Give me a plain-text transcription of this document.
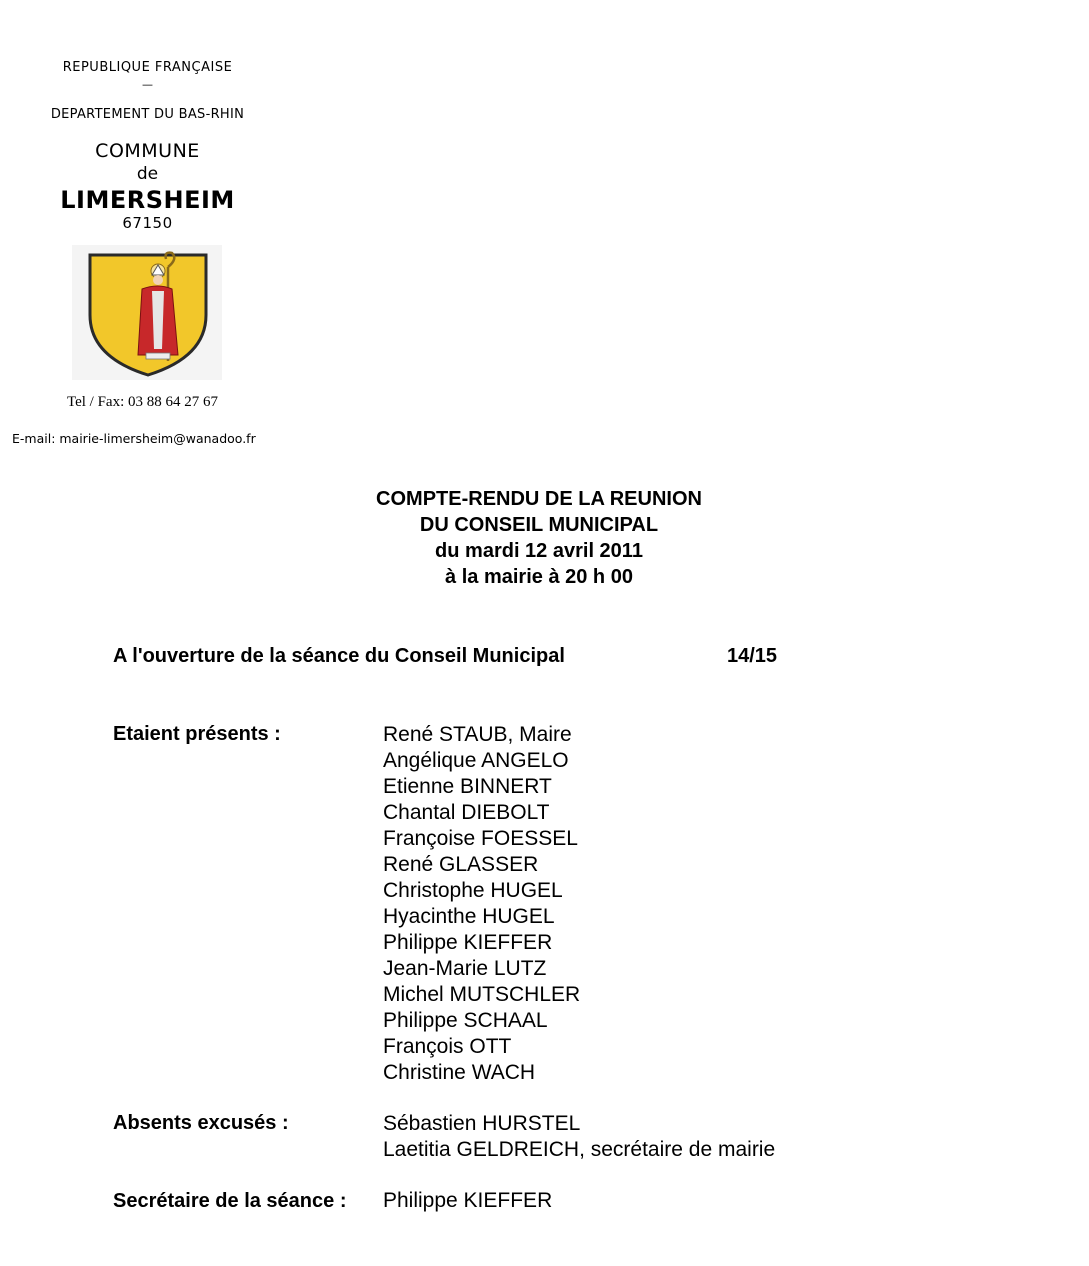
REPUBLIQUE FRANÇAISE
—
DEPARTEMENT DU BAS-RHIN
COMMUNE
de
LIMERSHEIM
67150
Tel / Fax: 03 88 64 27 67
E-mail: mairie-limersheim@wanadoo.fr
COMPTE-RENDU DE LA REUNION
DU CONSEIL MUNICIPAL
du mardi 12 avril 2011
à la mairie à 20 h 00
A l'ouverture de la séance du Conseil Municipal	14/15
Etaient présents :	René STAUB, Maire
Angélique ANGELO
Etienne BINNERT
Chantal DIEBOLT
Françoise FOESSEL
René GLASSER
Christophe HUGEL
Hyacinthe HUGEL
Philippe KIEFFER
Jean-Marie LUTZ
Michel MUTSCHLER
Philippe SCHAAL
François OTT
Christine WACH
Absents excusés :	Sébastien HURSTEL
Laetitia GELDREICH, secrétaire de mairie
Secrétaire de la séance : Philippe KIEFFER
